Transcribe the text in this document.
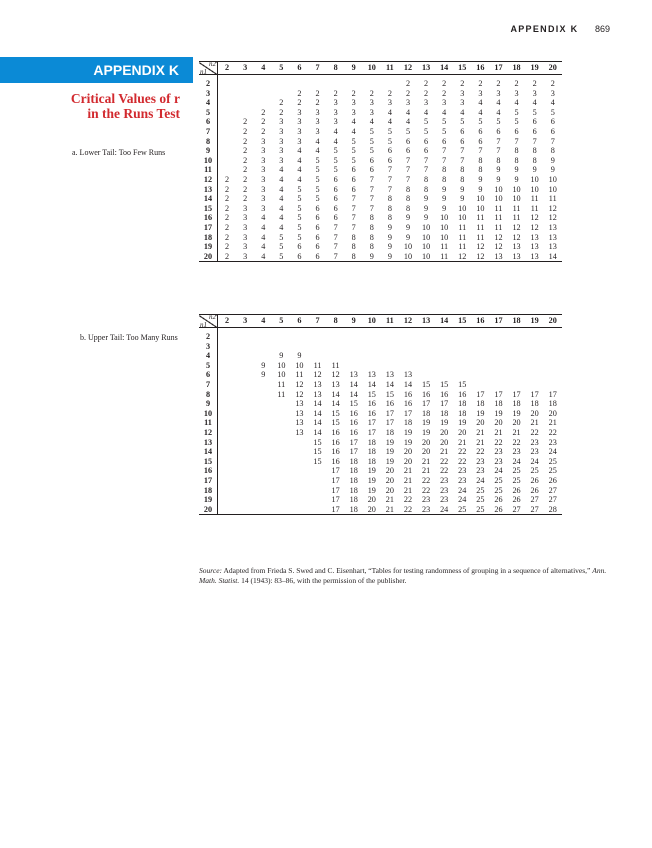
APPENDIX K 869
APPENDIX K
Critical Values of r
in the Runs Test
a. Lower Tail: Too Few Runs
b. Upper Tail: Too Many Runs
n2
n1	2	3	4	5	6	7	8	9	10	11	12	13	14	15	16	17	18	19	20
2											2	2	2	2	2	2	2	2	2
3					2	2	2	2	2	2	2	2	2	3	3	3	3	3	3
4				2	2	2	3	3	3	3	3	3	3	3	4	4	4	4	4
5			2	2	3	3	3	3	3	4	4	4	4	4	4	4	5	5	5
6		2	2	3	3	3	3	4	4	4	4	5	5	5	5	5	5	6	6
7		2	2	3	3	3	4	4	5	5	5	5	5	6	6	6	6	6	6
8		2	3	3	3	4	4	5	5	5	6	6	6	6	6	7	7	7	7
9		2	3	3	4	4	5	5	5	6	6	6	7	7	7	7	8	8	8
10		2	3	3	4	5	5	5	6	6	7	7	7	7	8	8	8	8	9
11		2	3	4	4	5	5	6	6	7	7	7	8	8	8	9	9	9	9
12	2	2	3	4	4	5	6	6	7	7	7	8	8	8	9	9	9	10	10
13	2	2	3	4	5	5	6	6	7	7	8	8	9	9	9	10	10	10	10
14	2	2	3	4	5	5	6	7	7	8	8	9	9	9	10	10	10	11	11
15	2	3	3	4	5	6	6	7	7	8	8	9	9	10	10	11	11	11	12
16	2	3	4	4	5	6	6	7	8	8	9	9	10	10	11	11	11	12	12
17	2	3	4	4	5	6	7	7	8	9	9	10	10	11	11	11	12	12	13
18	2	3	4	5	5	6	7	8	8	9	9	10	10	11	11	12	12	13	13
19	2	3	4	5	6	6	7	8	8	9	10	10	11	11	12	12	13	13	13
20	2	3	4	5	6	6	7	8	9	9	10	10	11	12	12	13	13	13	14
n2
n1	2	3	4	5	6	7	8	9	10	11	12	13	14	15	16	17	18	19	20
2																			
3																			
4				9	9														
5			9	10	10	11	11												
6			9	10	11	12	12	13	13	13	13								
7				11	12	13	13	14	14	14	14	15	15	15					
8				11	12	13	14	14	15	15	16	16	16	16	17	17	17	17	17
9					13	14	14	15	16	16	16	17	17	18	18	18	18	18	18
10					13	14	15	16	16	17	17	18	18	18	19	19	19	20	20
11					13	14	15	16	17	17	18	19	19	19	20	20	20	21	21
12					13	14	16	16	17	18	19	19	20	20	21	21	21	22	22
13						15	16	17	18	19	19	20	20	21	21	22	22	23	23
14						15	16	17	18	19	20	20	21	22	22	23	23	23	24
15						15	16	18	18	19	20	21	22	22	23	23	24	24	25
16							17	18	19	20	21	21	22	23	23	24	25	25	25
17							17	18	19	20	21	22	23	23	24	25	25	26	26
18							17	18	19	20	21	22	23	24	25	25	26	26	27
19							17	18	20	21	22	23	23	24	25	26	26	27	27
20							17	18	20	21	22	23	24	25	25	26	27	27	28
Source: Adapted from Frieda S. Swed and C. Eisenhart, “Tables for testing randomness of grouping in a sequence of alternatives,” Ann. Math. Statist. 14 (1943): 83–86, with the permission of the publisher.
